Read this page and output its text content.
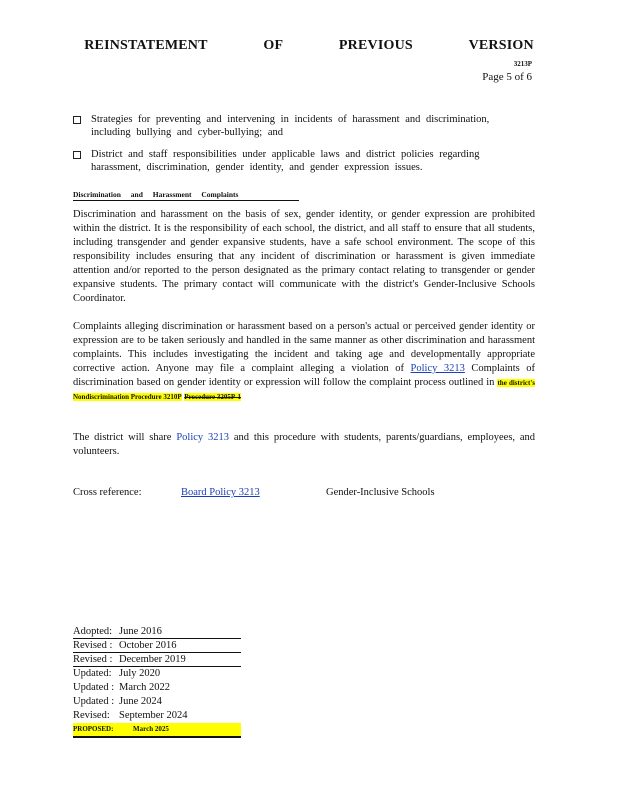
REINSTATEMENT	OF	PREVIOUS	VERSION
3213P
Page 5 of 6
Strategies for preventing and intervening in incidents of harassment and discrimination, including bullying and cyber-bullying; and
District and staff responsibilities under applicable laws and district policies regarding harassment, discrimination, gender identity, and gender expression issues.
Discrimination and Harassment Complaints
Discrimination and harassment on the basis of sex, gender identity, or gender expression are prohibited within the district. It is the responsibility of each school, the district, and all staff to ensure that all students, including transgender and gender expansive students, have a safe school environment. The scope of this responsibility includes ensuring that any incident of discrimination or harassment is given immediate attention and/or reported to the person designated as the primary contact relating to transgender or gender expansive students. The primary contact will communicate with the district's Gender-Inclusive Schools Coordinator.
Complaints alleging discrimination or harassment based on a person's actual or perceived gender identity or expression are to be taken seriously and handled in the same manner as other discrimination and harassment complaints. This includes investigating the incident and taking age and developmentally appropriate corrective action. Anyone may file a complaint alleging a violation of Policy 3213 Complaints of discrimination based on gender identity or expression will follow the complaint process outlined in the district's Nondiscrimination Procedure 3210P Procedure 3205P-1
The district will share Policy 3213 and this procedure with students, parents/guardians, employees, and volunteers.
Cross reference:	Board Policy 3213	Gender-Inclusive Schools
Adopted: June 2016
Revised : October 2016
Revised : December 2019
Updated: July 2020
Updated : March 2022
Updated : June 2024
Revised: September 2024
PROPOSED:	March 2025
